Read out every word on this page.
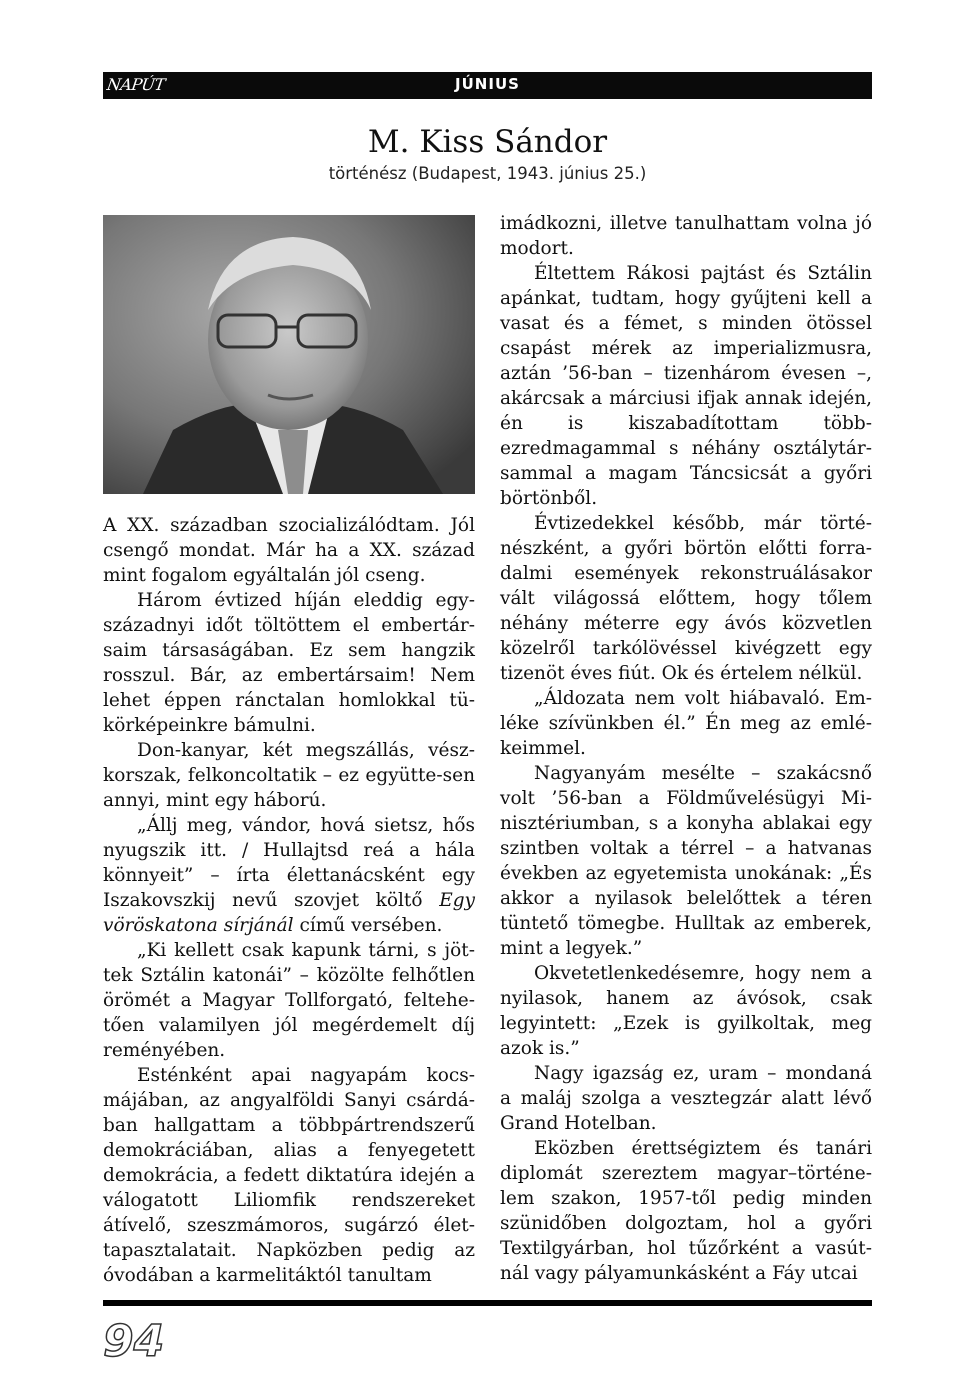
NAPÚT	JÚNIUS
M. Kiss Sándor
történész (Budapest, 1943. június 25.)

A XX. században szocializálódtam. Jól csengő mondat. Már ha a XX. század mint fogalom egyáltalán jól cseng.

Három évtized híján eleddig egy-századnyi időt töltöttem el embertár-saim társaságában. Ez sem hangzik rosszul. Bár, az embertársaim! Nem lehet éppen ránctalan homlokkal tü-körképeinkre bámulni.

Don-kanyar, két megszállás, vész-korszak, felkoncoltatik – ez együtte-sen annyi, mint egy háború.

„Állj meg, vándor, hová sietsz, hős nyugszik itt. / Hullajtsd reá a hála könnyeit” – írta élettanácsként egy Iszakovszkij nevű szovjet költő Egy vöröskatona sírjánál című versében.

„Ki kellett csak kapunk tárni, s jöt-tek Sztálin katonái” – közölte felhőtlen örömét a Magyar Tollforgató, feltehe-tően valamilyen jól megérdemelt díj reményében.

Esténként apai nagyapám kocs-májában, az angyalföldi Sanyi csárdá-ban hallgattam a többpártrendszerű demokráciában, alias a fenyegetett demokrácia, a fedett diktatúra idején a válogatott Liliomfik rendszereket átívelő, szeszmámoros, sugárzó élet-tapasztalatait. Napközben pedig az óvodában a karmelitáktól tanultam

imádkozni, illetve tanulhattam volna jó modort.

Éltettem Rákosi pajtást és Sztálin apánkat, tudtam, hogy gyűjteni kell a vasat és a fémet, s minden ötössel csapást mérek az imperializmusra, aztán ’56-ban – tizenhárom évesen –, akárcsak a márciusi ifjak annak idején, én is kiszabadítottam több-ezredmagammal s néhány osztálytár-sammal a magam Táncsicsát a győri börtönből.

Évtizedekkel később, már törté-nészként, a győri börtön előtti forra-dalmi események rekonstruálásakor vált világossá előttem, hogy tőlem néhány méterre egy ávós közvetlen közelről tarkólövéssel kivégzett egy tizenöt éves fiút. Ok és értelem nélkül.

„Áldozata nem volt hiábavaló. Em-léke szívünkben él.” Én meg az emlé-keimmel.

Nagyanyám mesélte – szakácsnő volt ’56-ban a Földművelésügyi Mi-nisztériumban, s a konyha ablakai egy szintben voltak a térrel – a hatvanas években az egyetemista unokának: „És akkor a nyilasok belelőttek a téren tüntető tömegbe. Hulltak az emberek, mint a legyek.”

Okvetetlenkedésemre, hogy nem a nyilasok, hanem az ávósok, csak legyintett: „Ezek is gyilkoltak, meg azok is.”

Nagy igazság ez, uram – mondaná a maláj szolga a vesztegzár alatt lévő Grand Hotelban.

Eközben érettségiztem és tanári diplomát szereztem magyar–történe-lem szakon, 1957-től pedig minden szünidőben dolgoztam, hol a győri Textilgyárban, hol tűzőrként a vasút-nál vagy pályamunkásként a Fáy utcai

94
